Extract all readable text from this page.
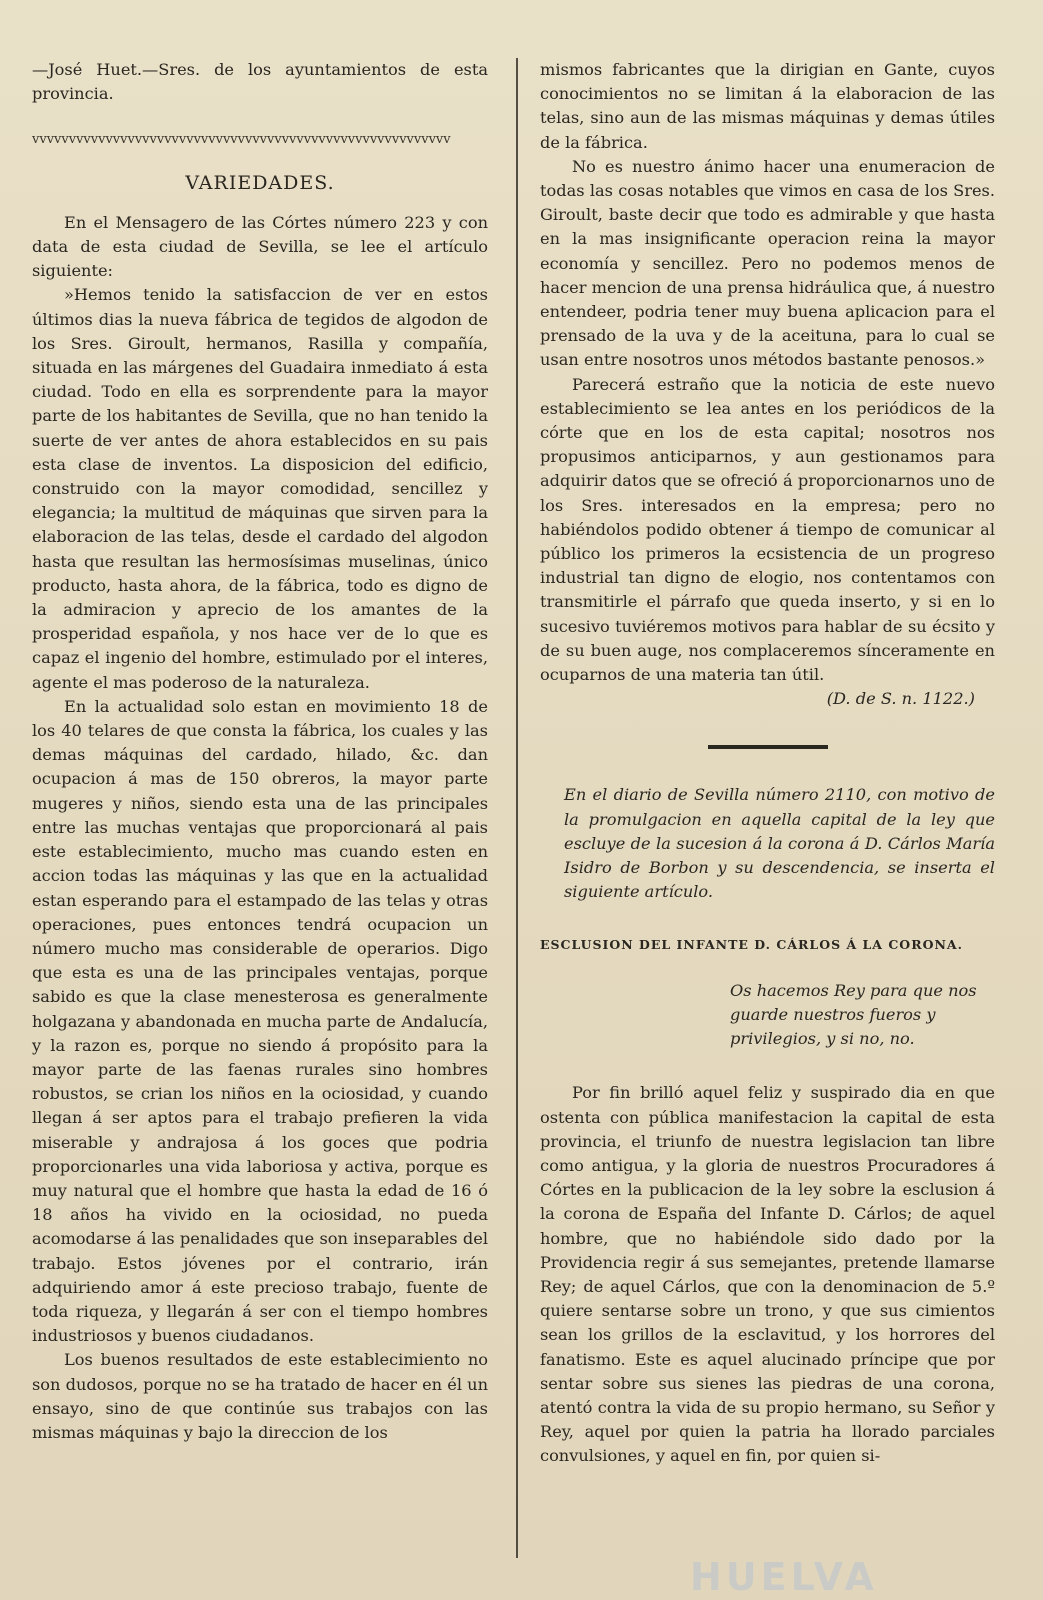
—José Huet.—Sres. de los ayuntamientos de esta provincia.

vvvvvvvvvvvvvvvvvvvvvvvvvvvvvvvvvvvvvvvvvvvvvvvvvvvvvvvvv
VARIEDADES.

En el Mensagero de las Córtes número 223 y con data de esta ciudad de Sevilla, se lee el artículo siguiente:

»Hemos tenido la satisfaccion de ver en estos últimos dias la nueva fábrica de tegidos de algodon de los Sres. Giroult, hermanos, Rasilla y compañía, situada en las márgenes del Guadaira inmediato á esta ciudad. Todo en ella es sorprendente para la mayor parte de los habitantes de Sevilla, que no han tenido la suerte de ver antes de ahora establecidos en su pais esta clase de inventos. La disposicion del edificio, construido con la mayor comodidad, sencillez y elegancia; la multitud de máquinas que sirven para la elaboracion de las telas, desde el cardado del algodon hasta que resultan las hermosísimas muselinas, único producto, hasta ahora, de la fábrica, todo es digno de la admiracion y aprecio de los amantes de la prosperidad española, y nos hace ver de lo que es capaz el ingenio del hombre, estimulado por el interes, agente el mas poderoso de la naturaleza.

En la actualidad solo estan en movimiento 18 de los 40 telares de que consta la fábrica, los cuales y las demas máquinas del cardado, hilado, &c. dan ocupacion á mas de 150 obreros, la mayor parte mugeres y niños, siendo esta una de las principales entre las muchas ventajas que proporcionará al pais este establecimiento, mucho mas cuando esten en accion todas las máquinas y las que en la actualidad estan esperando para el estampado de las telas y otras operaciones, pues entonces tendrá ocupacion un número mucho mas considerable de operarios. Digo que esta es una de las principales ventajas, porque sabido es que la clase menesterosa es generalmente holgazana y abandonada en mucha parte de Andalucía, y la razon es, porque no siendo á propósito para la mayor parte de las faenas rurales sino hombres robustos, se crian los niños en la ociosidad, y cuando llegan á ser aptos para el trabajo prefieren la vida miserable y andrajosa á los goces que podria proporcionarles una vida laboriosa y activa, porque es muy natural que el hombre que hasta la edad de 16 ó 18 años ha vivido en la ociosidad, no pueda acomodarse á las penalidades que son inseparables del trabajo. Estos jóvenes por el contrario, irán adquiriendo amor á este precioso trabajo, fuente de toda riqueza, y llegarán á ser con el tiempo hombres industriosos y buenos ciudadanos.

Los buenos resultados de este establecimiento no son dudosos, porque no se ha tratado de hacer en él un ensayo, sino de que continúe sus trabajos con las mismas máquinas y bajo la direccion de los

mismos fabricantes que la dirigian en Gante, cuyos conocimientos no se limitan á la elaboracion de las telas, sino aun de las mismas máquinas y demas útiles de la fábrica.

No es nuestro ánimo hacer una enumeracion de todas las cosas notables que vimos en casa de los Sres. Giroult, baste decir que todo es admirable y que hasta en la mas insignificante operacion reina la mayor economía y sencillez. Pero no podemos menos de hacer mencion de una prensa hidráulica que, á nuestro entendeer, podria tener muy buena aplicacion para el prensado de la uva y de la aceituna, para lo cual se usan entre nosotros unos métodos bastante penosos.»

Parecerá estraño que la noticia de este nuevo establecimiento se lea antes en los periódicos de la córte que en los de esta capital; nosotros nos propusimos anticiparnos, y aun gestionamos para adquirir datos que se ofreció á proporcionarnos uno de los Sres. interesados en la empresa; pero no habiéndolos podido obtener á tiempo de comunicar al público los primeros la ecsistencia de un progreso industrial tan digno de elogio, nos contentamos con transmitirle el párrafo que queda inserto, y si en lo sucesivo tuviéremos motivos para hablar de su écsito y de su buen auge, nos complaceremos sínceramente en ocuparnos de una materia tan útil.

(D. de S. n. 1122.)

En el diario de Sevilla número 2110, con motivo de la promulgacion en aquella capital de la ley que escluye de la sucesion á la corona á D. Cárlos María Isidro de Borbon y su descendencia, se inserta el siguiente artículo.

ESCLUSION DEL INFANTE D. CÁRLOS Á LA CORONA.

Os hacemos Rey para que nos guarde nuestros fueros y privilegios, y si no, no.

Por fin brilló aquel feliz y suspirado dia en que ostenta con pública manifestacion la capital de esta provincia, el triunfo de nuestra legislacion tan libre como antigua, y la gloria de nuestros Procuradores á Córtes en la publicacion de la ley sobre la esclusion á la corona de España del Infante D. Cárlos; de aquel hombre, que no habiéndole sido dado por la Providencia regir á sus semejantes, pretende llamarse Rey; de aquel Cárlos, que con la denominacion de 5.º quiere sentarse sobre un trono, y que sus cimientos sean los grillos de la esclavitud, y los horrores del fanatismo. Este es aquel alucinado príncipe que por sentar sobre sus sienes las piedras de una corona, atentó contra la vida de su propio hermano, su Señor y Rey, aquel por quien la patria ha llorado parciales convulsiones, y aquel en fin, por quien si-

HUELVA
